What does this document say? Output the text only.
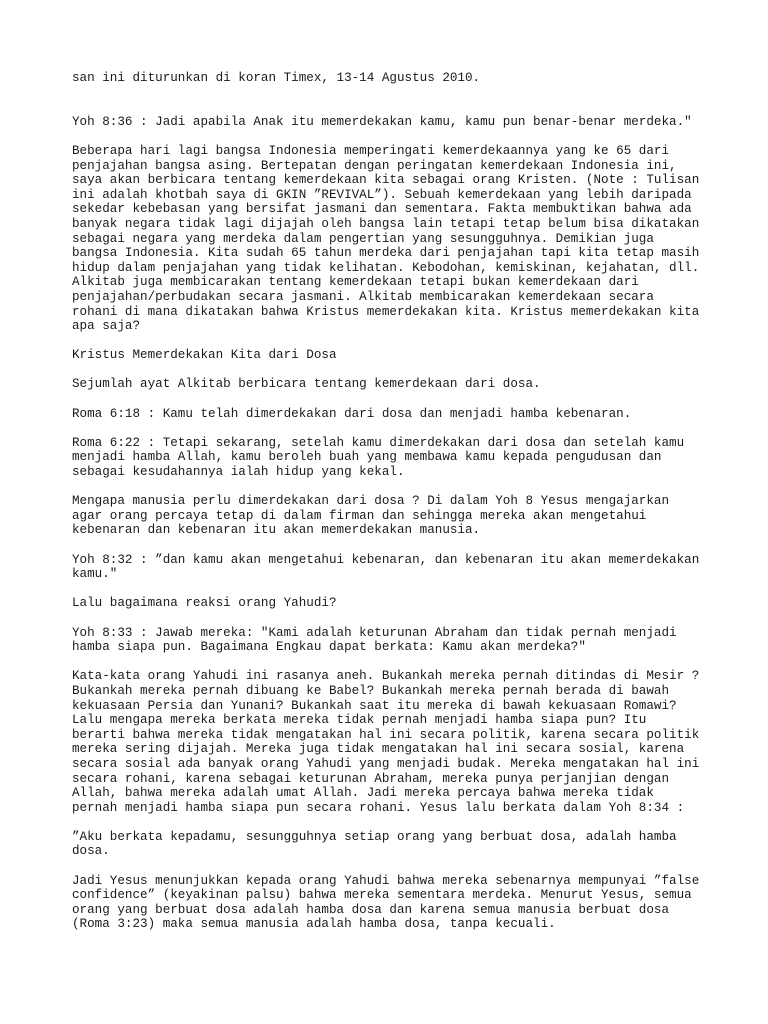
san ini diturunkan di koran Timex, 13-14 Agustus 2010.
Yoh 8:36 : Jadi apabila Anak itu memerdekakan kamu, kamu pun benar-benar merdeka."
Beberapa hari lagi bangsa Indonesia memperingati kemerdekaannya yang ke 65 dari
penjajahan bangsa asing. Bertepatan dengan peringatan kemerdekaan Indonesia ini,
saya akan berbicara tentang kemerdekaan kita sebagai orang Kristen. (Note : Tulisan
ini adalah khotbah saya di GKIN ”REVIVAL”). Sebuah kemerdekaan yang lebih daripada
sekedar kebebasan yang bersifat jasmani dan sementara. Fakta membuktikan bahwa ada
banyak negara tidak lagi dijajah oleh bangsa lain tetapi tetap belum bisa dikatakan
sebagai negara yang merdeka dalam pengertian yang sesungguhnya. Demikian juga
bangsa Indonesia. Kita sudah 65 tahun merdeka dari penjajahan tapi kita tetap masih
hidup dalam penjajahan yang tidak kelihatan. Kebodohan, kemiskinan, kejahatan, dll.
Alkitab juga membicarakan tentang kemerdekaan tetapi bukan kemerdekaan dari
penjajahan/perbudakan secara jasmani. Alkitab membicarakan kemerdekaan secara
rohani di mana dikatakan bahwa Kristus memerdekakan kita. Kristus memerdekakan kita
apa saja?
Kristus Memerdekakan Kita dari Dosa
Sejumlah ayat Alkitab berbicara tentang kemerdekaan dari dosa.
Roma 6:18 : Kamu telah dimerdekakan dari dosa dan menjadi hamba kebenaran.
Roma 6:22 : Tetapi sekarang, setelah kamu dimerdekakan dari dosa dan setelah kamu
menjadi hamba Allah, kamu beroleh buah yang membawa kamu kepada pengudusan dan
sebagai kesudahannya ialah hidup yang kekal.
Mengapa manusia perlu dimerdekakan dari dosa ? Di dalam Yoh 8 Yesus mengajarkan
agar orang percaya tetap di dalam firman dan sehingga mereka akan mengetahui
kebenaran dan kebenaran itu akan memerdekakan manusia.
Yoh 8:32 : ”dan kamu akan mengetahui kebenaran, dan kebenaran itu akan memerdekakan
kamu."
Lalu bagaimana reaksi orang Yahudi?
Yoh 8:33 : Jawab mereka: "Kami adalah keturunan Abraham dan tidak pernah menjadi
hamba siapa pun. Bagaimana Engkau dapat berkata: Kamu akan merdeka?"
Kata-kata orang Yahudi ini rasanya aneh. Bukankah mereka pernah ditindas di Mesir ?
Bukankah mereka pernah dibuang ke Babel? Bukankah mereka pernah berada di bawah
kekuasaan Persia dan Yunani? Bukankah saat itu mereka di bawah kekuasaan Romawi?
Lalu mengapa mereka berkata mereka tidak pernah menjadi hamba siapa pun? Itu
berarti bahwa mereka tidak mengatakan hal ini secara politik, karena secara politik
mereka sering dijajah. Mereka juga tidak mengatakan hal ini secara sosial, karena
secara sosial ada banyak orang Yahudi yang menjadi budak. Mereka mengatakan hal ini
secara rohani, karena sebagai keturunan Abraham, mereka punya perjanjian dengan
Allah, bahwa mereka adalah umat Allah. Jadi mereka percaya bahwa mereka tidak
pernah menjadi hamba siapa pun secara rohani. Yesus lalu berkata dalam Yoh 8:34 :
”Aku berkata kepadamu, sesungguhnya setiap orang yang berbuat dosa, adalah hamba
dosa.
Jadi Yesus menunjukkan kepada orang Yahudi bahwa mereka sebenarnya mempunyai ”false
confidence” (keyakinan palsu) bahwa mereka sementara merdeka. Menurut Yesus, semua
orang yang berbuat dosa adalah hamba dosa dan karena semua manusia berbuat dosa
(Roma 3:23) maka semua manusia adalah hamba dosa, tanpa kecuali.
